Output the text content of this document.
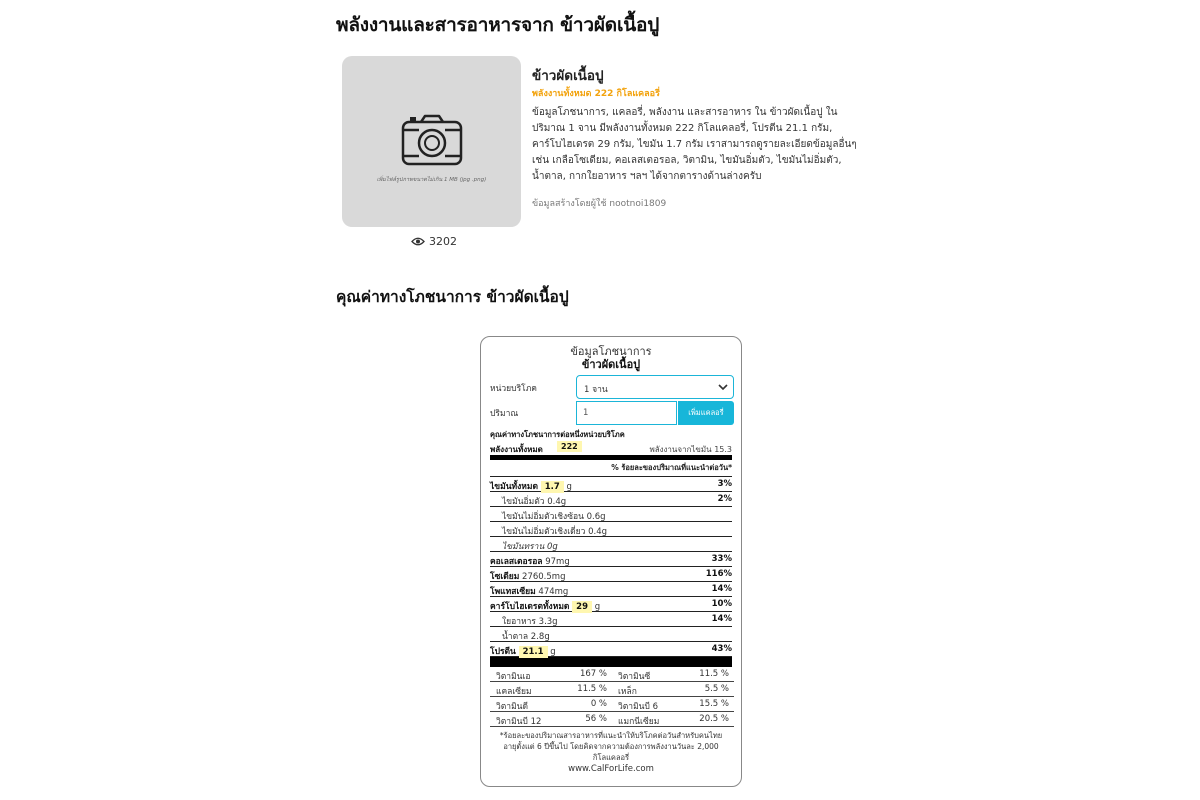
พลังงานและสารอาหารจาก ข้าวผัดเนื้อปู
เพิ่มไฟล์รูปภาพขนาดไม่เกิน 1 MB (jpg .png)
3202
ข้าวผัดเนื้อปู
พลังงานทั้งหมด 222 กิโลแคลอรี่

ข้อมูลโภชนาการ, แคลอรี่, พลังงาน และสารอาหาร ใน ข้าวผัดเนื้อปู ในปริมาณ 1 จาน มีพลังงานทั้งหมด 222 กิโลแคลอรี่, โปรตีน 21.1 กรัม, คาร์โบไฮเดรต 29 กรัม, ไขมัน 1.7 กรัม เราสามารถดูรายละเอียดข้อมูลอื่นๆ เช่น เกลือโซเดียม, คอเลสเตอรอล, วิตามิน, ไขมันอิ่มตัว, ไขมันไม่อิ่มตัว, น้ำตาล, กากใยอาหาร ฯลฯ ได้จากตารางด้านล่างครับ

ข้อมูลสร้างโดยผู้ใช้ nootnoi1809
คุณค่าทางโภชนาการ ข้าวผัดเนื้อปู
ข้อมูลโภชนาการ
ข้าวผัดเนื้อปู
หน่วยบริโภค	1 จาน
ปริมาณ	1	เพิ่มแคลอรี่
คุณค่าทางโภชนาการต่อหนึ่งหน่วยบริโภค
พลังงานทั้งหมด	222	พลังงานจากไขมัน 15.3
% ร้อยละของปริมาณที่แนะนำต่อวัน*
ไขมันทั้งหมด 1.7 g	3%
ไขมันอิ่มตัว 0.4g	2%
ไขมันไม่อิ่มตัวเชิงซ้อน 0.6g
ไขมันไม่อิ่มตัวเชิงเดี่ยว 0.4g
ไขมันทราน 0g
คอเลสเตอรอล 97mg	33%
โซเดียม 2760.5mg	116%
โพแทสเซียม 474mg	14%
คาร์โบไฮเดรตทั้งหมด 29 g	10%
ใยอาหาร 3.3g	14%
น้ำตาล 2.8g
โปรตีน 21.1 g	43%
วิตามินเอ	167 % วิตามินซี	11.5 %
แคลเซียม	11.5 % เหล็ก	5.5 %
วิตามินดี	0 % วิตามินบี 6	15.5 %
วิตามินบี 12	56 % แมกนีเซียม	20.5 %
*ร้อยละของปริมาณสารอาหารที่แนะนำให้บริโภคต่อวันสำหรับคนไทยอายุตั้งแต่ 6 ปีขึ้นไป โดยคิดจากความต้องการพลังงานวันละ 2,000 กิโลแคลอรี่
www.CalForLife.com
